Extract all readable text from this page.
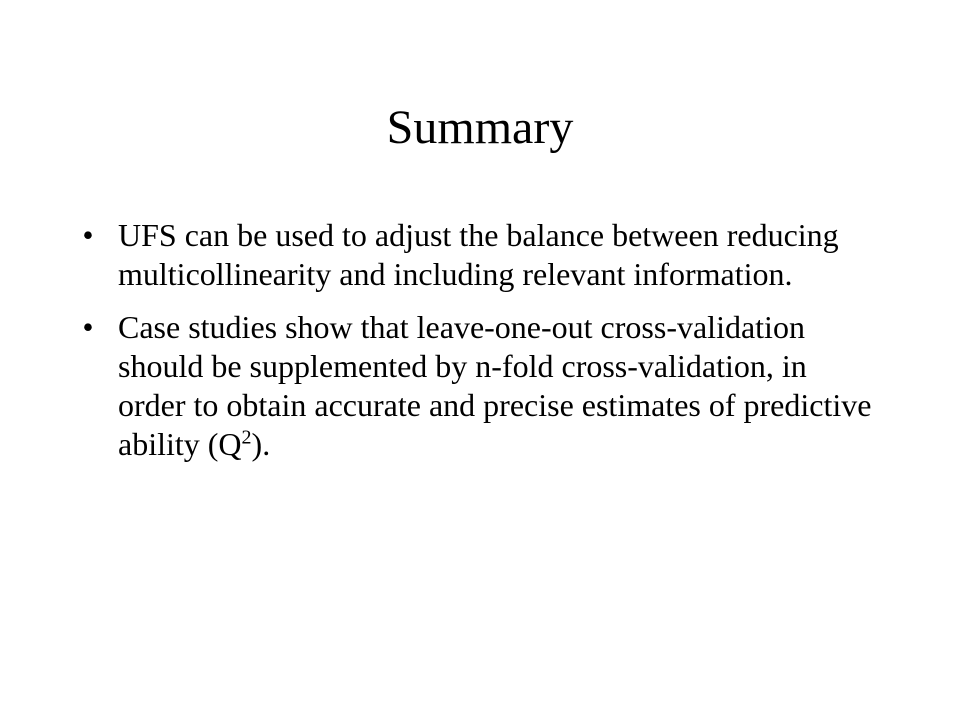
Summary
• UFS can be used to adjust the balance between reducing multicollinearity and including relevant information.
• Case studies show that leave-one-out cross-validation should be supplemented by n-fold cross-validation, in order to obtain accurate and precise estimates of predictive ability $(Q^2)$.
